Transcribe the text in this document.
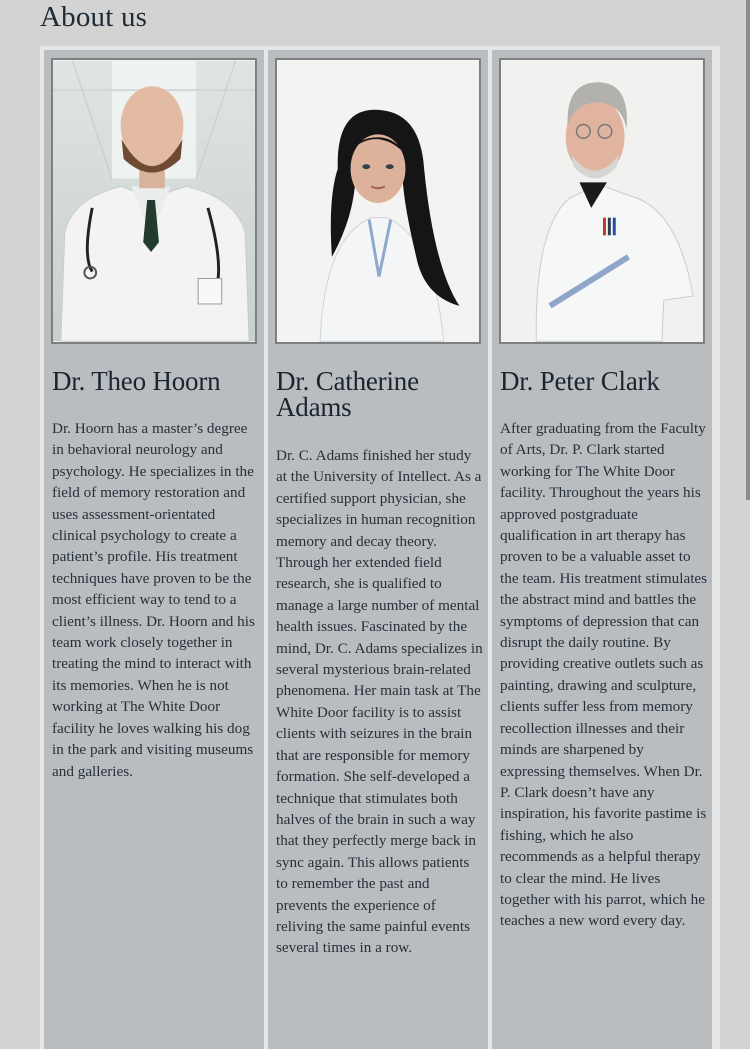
About us
Dr. Theo Hoorn

Dr. Hoorn has a master’s degree in behavioral neurology and psychology. He specializes in the field of memory restoration and uses assessment-orientated clinical psychology to create a patient’s profile. His treatment techniques have proven to be the most efficient way to tend to a client’s illness. Dr. Hoorn and his team work closely together in treating the mind to interact with its memories. When he is not working at The White Door facility he loves walking his dog in the park and visiting museums and galleries.

Dr. Catherine Adams

Dr. C. Adams finished her study at the University of Intellect. As a certified support physician, she specializes in human recognition memory and decay theory. Through her extended field research, she is qualified to manage a large number of mental health issues. Fascinated by the mind, Dr. C. Adams specializes in several mysterious brain-related phenomena. Her main task at The White Door facility is to assist clients with seizures in the brain that are responsible for memory formation. She self-developed a technique that stimulates both halves of the brain in such a way that they perfectly merge back in sync again. This allows patients to remember the past and prevents the experience of reliving the same painful events several times in a row.

Dr. Peter Clark

After graduating from the Faculty of Arts, Dr. P. Clark started working for The White Door facility. Throughout the years his approved postgraduate qualification in art therapy has proven to be a valuable asset to the team. His treatment stimulates the abstract mind and battles the symptoms of depression that can disrupt the daily routine. By providing creative outlets such as painting, drawing and sculpture, clients suffer less from memory recollection illnesses and their minds are sharpened by expressing themselves. When Dr. P. Clark doesn’t have any inspiration, his favorite pastime is fishing, which he also recommends as a helpful therapy to clear the mind. He lives together with his parrot, which he teaches a new word every day.
